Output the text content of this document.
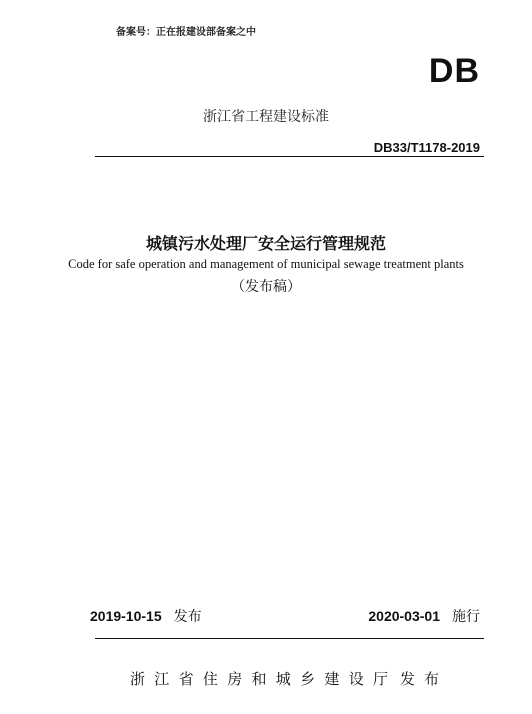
备案号：正在报建设部备案之中
DB
浙江省工程建设标准
DB33/T1178-2019
城镇污水处理厂安全运行管理规范
Code for safe operation and management of municipal sewage treatment plants
（发布稿）
2019-10-15 发布	2020-03-01 施行
浙江省住房和城乡建设厅 发布
